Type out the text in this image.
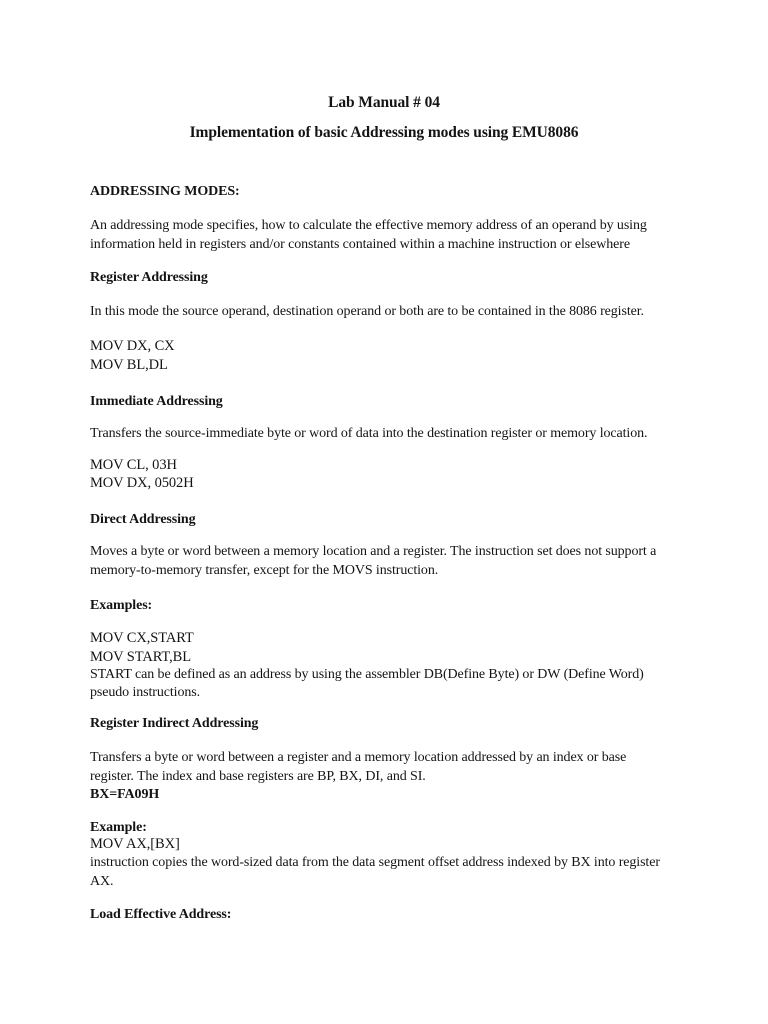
Lab Manual # 04
Implementation of basic Addressing modes using EMU8086
ADDRESSING MODES:
An addressing mode specifies, how to calculate the effective memory address of an operand by using
information held in registers and/or constants contained within a machine instruction or elsewhere
Register Addressing
In this mode the source operand, destination operand or both are to be contained in the 8086 register.
MOV DX, CX
MOV BL,DL
Immediate Addressing
Transfers the source-immediate byte or word of data into the destination register or memory location.
MOV CL, 03H
MOV DX, 0502H
Direct Addressing
Moves a byte or word between a memory location and a register. The instruction set does not support a
memory-to-memory transfer, except for the MOVS instruction.
Examples:
MOV CX,START
MOV START,BL
START can be defined as an address by using the assembler DB(Define Byte) or DW (Define Word)
pseudo instructions.
Register Indirect Addressing
Transfers a byte or word between a register and a memory location addressed by an index or base
register. The index and base registers are BP, BX, DI, and SI.
BX=FA09H
Example:
MOV AX,[BX]
instruction copies the word-sized data from the data segment offset address indexed by BX into register
AX.
Load Effective Address:
